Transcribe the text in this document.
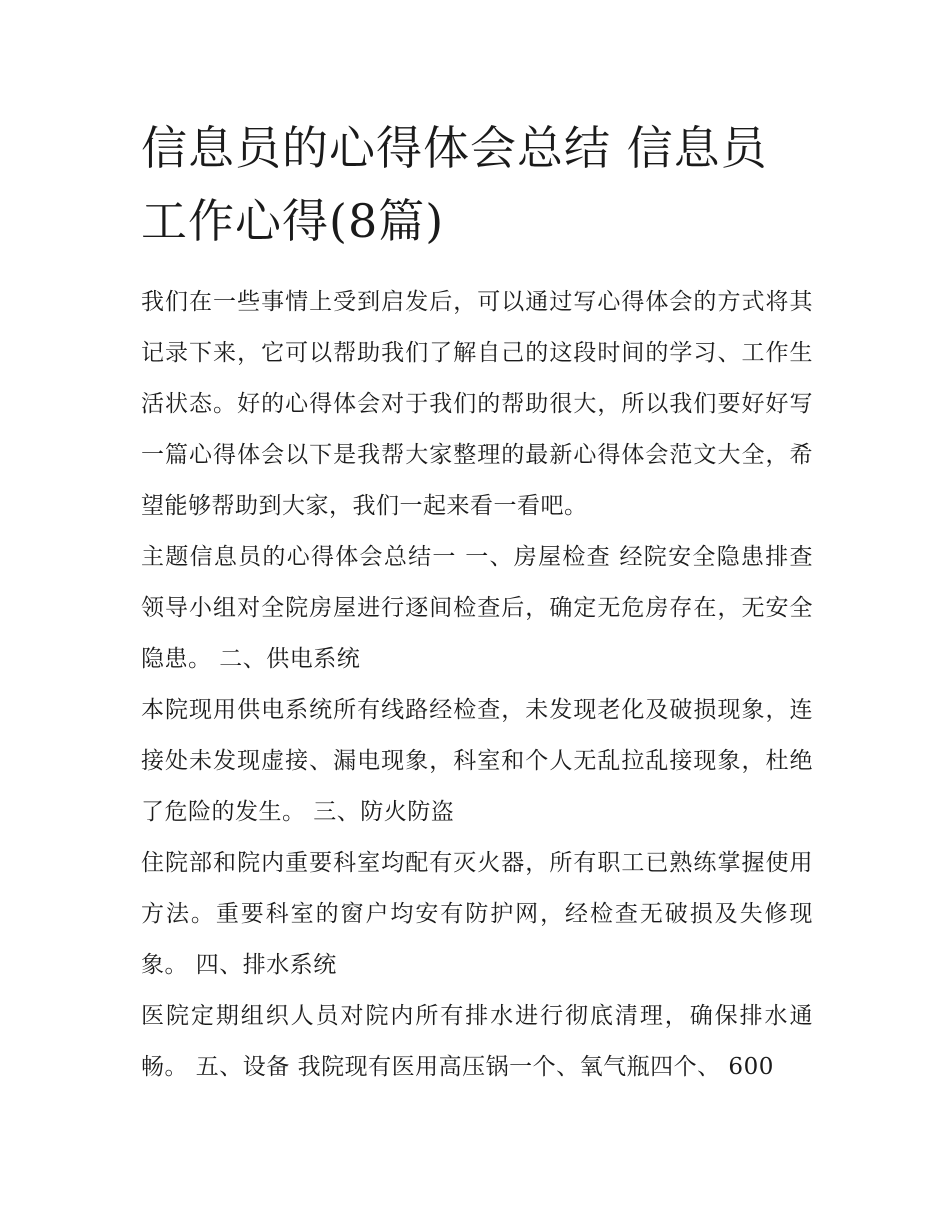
信息员的心得体会总结 信息员工作心得(8篇)

我们在一些事情上受到启发后，可以通过写心得体会的方式将其记录下来，它可以帮助我们了解自己的这段时间的学习、工作生活状态。好的心得体会对于我们的帮助很大，所以我们要好好写一篇心得体会以下是我帮大家整理的最新心得体会范文大全，希望能够帮助到大家，我们一起来看一看吧。

主题信息员的心得体会总结一 一、房屋检查 经院安全隐患排查领导小组对全院房屋进行逐间检查后，确定无危房存在，无安全隐患。 二、供电系统

本院现用供电系统所有线路经检查，未发现老化及破损现象，连接处未发现虚接、漏电现象，科室和个人无乱拉乱接现象，杜绝了危险的发生。 三、防火防盗

住院部和院内重要科室均配有灭火器，所有职工已熟练掌握使用方法。重要科室的窗户均安有防护网，经检查无破损及失修现象。 四、排水系统

医院定期组织人员对院内所有排水进行彻底清理，确保排水通畅。 五、设备 我院现有医用高压锅一个、氧气瓶四个、 600
